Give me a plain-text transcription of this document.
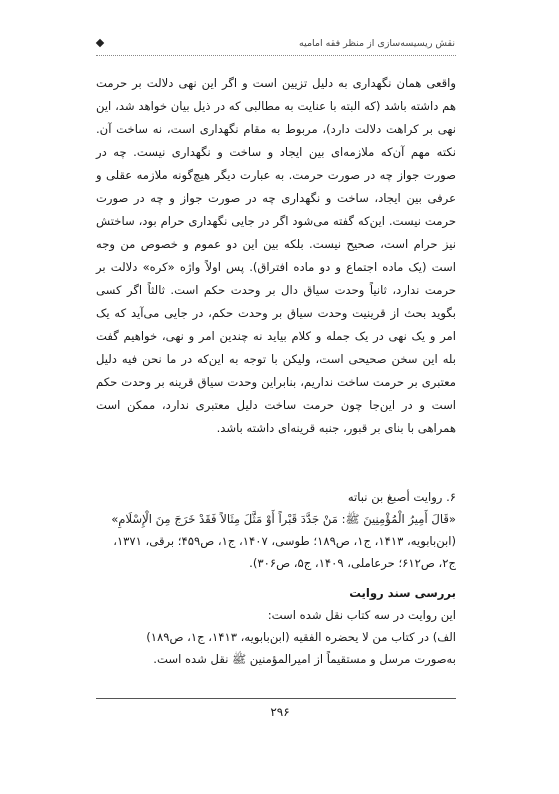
نقش ریسیسه‌سازی از منظر فقه امامیه

واقعی همان نگهداری به دلیل تزیین است و اگر این نهی دلالت بر حرمت هم داشته باشد (که البته با عنایت به مطالبی که در ذیل بیان خواهد شد، این نهی بر کراهت دلالت دارد)، مربوط به مقام نگهداری است، نه ساخت آن. نکته مهم آن‌که ملازمه‌ای بین ایجاد و ساخت و نگهداری نیست. چه در صورت جواز چه در صورت حرمت. به عبارت دیگر هیچ‌گونه ملازمه عقلی و عرفی بین ایجاد، ساخت و نگهداری چه در صورت جواز و چه در صورت حرمت نیست. این‌که گفته می‌شود اگر در جایی نگهداری حرام بود، ساختش نیز حرام است، صحیح نیست. بلکه بین این دو عموم و خصوص من وجه است (یک ماده اجتماع و دو ماده افتراق). پس اولاً واژه «کره» دلالت بر حرمت ندارد، ثانیاً وحدت سیاق دال بر وحدت حکم است. ثالثاً اگر کسی بگوید بحث از قرینیت وحدت سیاق بر وحدت حکم، در جایی می‌آید که یک امر و یک نهی در یک جمله و کلام بیاید نه چندین امر و نهی، خواهیم گفت بله این سخن صحیحی است، ولیکن با توجه به این‌که در ما نحن فیه دلیل معتبری بر حرمت ساخت نداریم، بنابراین وحدت سیاق قرینه بر وحدت حکم است و در این‌جا چون حرمت ساخت دلیل معتبری ندارد، ممکن است همراهی با بنای بر قبور، جنبه قرینه‌ای داشته باشد.

۶. روایت أصبغ بن نباته
«قَالَ أَمِیرُ الْمُؤْمِنِینَ ﷺ: مَنْ جَدَّدَ قَبْراً أَوْ مَثَّلَ مِثَالاً فَقَدْ خَرَجَ مِنَ الْإِسْلَامِ»
(ابن‌بابویه، ۱۴۱۳، ج۱، ص۱۸۹؛ طوسی، ۱۴۰۷، ج۱، ص۴۵۹؛ برقی، ۱۳۷۱،
ج۲، ص۶۱۲؛ حرعاملی، ۱۴۰۹، ج۵، ص۳۰۶).
بررسی سند روایت
این روایت در سه کتاب نقل شده است:
الف) در کتاب من لا یحضره الفقیه (ابن‌بابویه، ۱۴۱۳، ج۱، ص۱۸۹)
به‌صورت مرسل و مستقیماً از امیرالمؤمنین ﷺ نقل شده است.
۲۹۶
